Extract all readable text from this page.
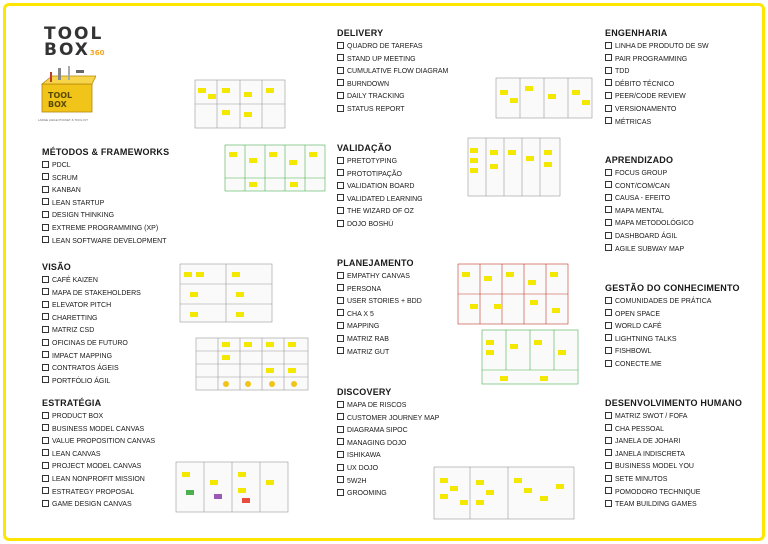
TOOL
BOX360
TOOL
BOX
LARGE AGILE POCKET & TOOL KIT
MÉTODOS & FRAMEWORKS
PDCL
SCRUM
KANBAN
LEAN STARTUP
DESIGN THINKING
EXTREME PROGRAMMING (XP)
LEAN SOFTWARE DEVELOPMENT
VISÃO
CAFÉ KAIZEN
MAPA DE STAKEHOLDERS
ELEVATOR PITCH
CHARETTING
MATRIZ CSD
OFICINAS DE FUTURO
IMPACT MAPPING
CONTRATOS ÁGEIS
PORTFÓLIO ÁGIL
ESTRATÉGIA
PRODUCT BOX
BUSINESS MODEL CANVAS
VALUE PROPOSITION CANVAS
LEAN CANVAS
PROJECT MODEL CANVAS
LEAN NONPROFIT MISSION
ESTRATEGY PROPOSAL
GAME DESIGN CANVAS
DELIVERY
QUADRO DE TAREFAS
STAND UP MEETING
CUMULATIVE FLOW DIAGRAM
BURNDOWN
DAILY TRACKING
STATUS REPORT
VALIDAÇÃO
PRETOTYPING
PROTOTIPAÇÃO
VALIDATION BOARD
VALIDATED LEARNING
THE WIZARD OF OZ
DOJO BOSHÚ
PLANEJAMENTO
EMPATHY CANVAS
PERSONA
USER STORIES + BDD
CHA X 5
MAPPING
MATRIZ RAB
MATRIZ GUT
DISCOVERY
MAPA DE RISCOS
CUSTOMER JOURNEY MAP
DIAGRAMA SIPOC
MANAGING DOJO
ISHIKAWA
UX DOJO
5W2H
GROOMING
ENGENHARIA
LINHA DE PRODUTO DE SW
PAIR PROGRAMMING
TDD
DÉBITO TÉCNICO
PEER/CODE REVIEW
VERSIONAMENTO
MÉTRICAS
APRENDIZADO
FOCUS GROUP
CONT/COM/CAN
CAUSA - EFEITO
MAPA MENTAL
MAPA METODOLÓGICO
DASHBOARD ÁGIL
AGILE SUBWAY MAP
GESTÃO DO CONHECIMENTO
COMUNIDADES DE PRÁTICA
OPEN SPACE
WORLD CAFÉ
LIGHTNING TALKS
FISHBOWL
CONECTE.ME
DESENVOLVIMENTO HUMANO
MATRIZ SWOT / FOFA
CHA PESSOAL
JANELA DE JOHARI
JANELA INDISCRETA
BUSINESS MODEL YOU
SETE MINUTOS
POMODORO TECHNIQUE
TEAM BUILDING GAMES
